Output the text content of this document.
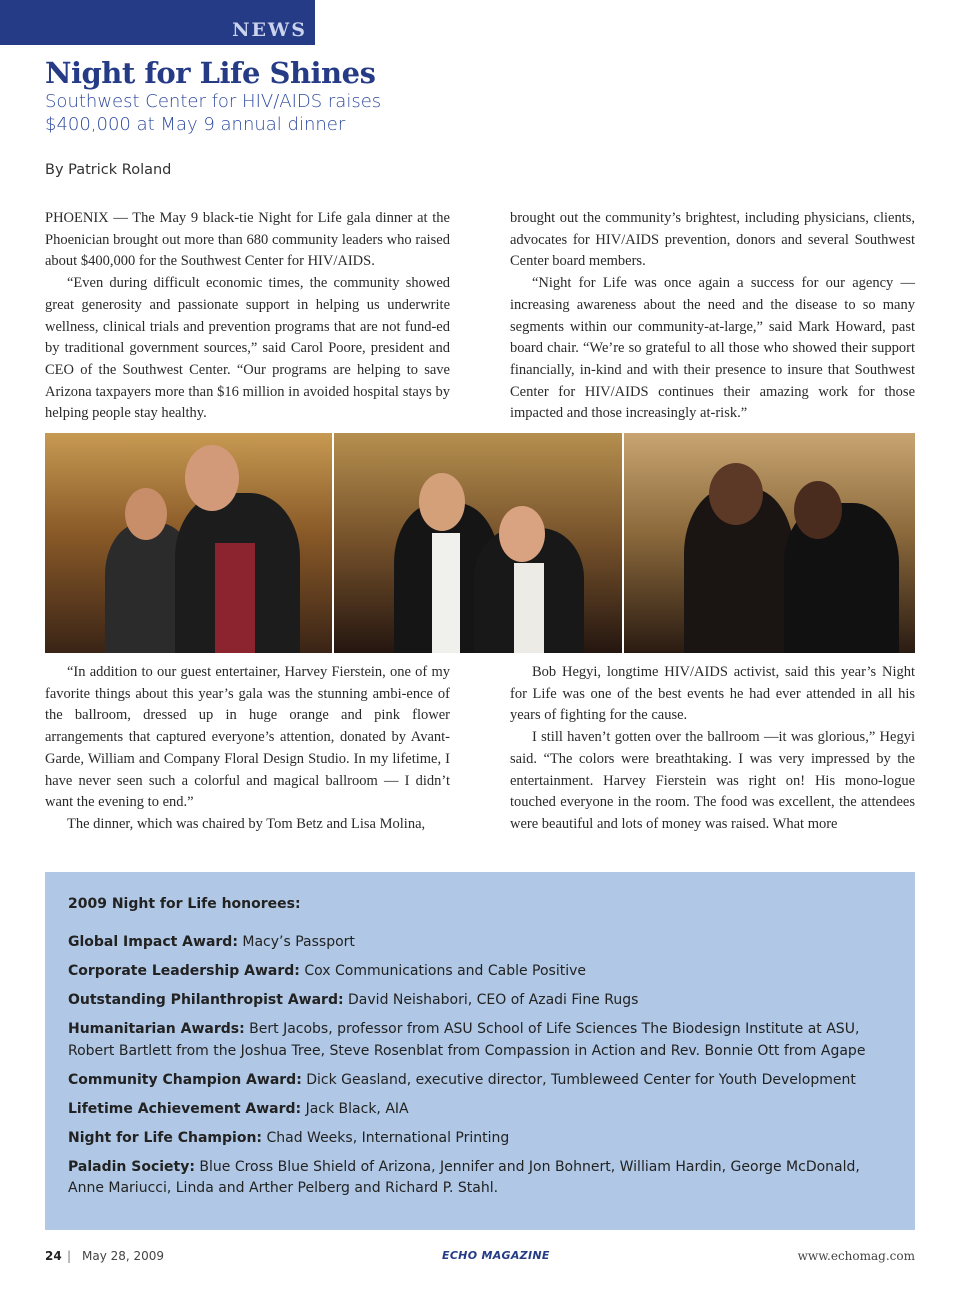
NEWS
Night for Life Shines
Southwest Center for HIV/AIDS raises $400,000 at May 9 annual dinner
By Patrick Roland

PHOENIX — The May 9 black-tie Night for Life gala dinner at the Phoenician brought out more than 680 community leaders who raised about $400,000 for the Southwest Center for HIV/AIDS.

“Even during difficult economic times, the community showed great generosity and passionate support in helping us underwrite wellness, clinical trials and prevention programs that are not fund-ed by traditional government sources,” said Carol Poore, president and CEO of the Southwest Center. “Our programs are helping to save Arizona taxpayers more than $16 million in avoided hospital stays by helping people stay healthy.

brought out the community’s brightest, including physicians, clients, advocates for HIV/AIDS prevention, donors and several Southwest Center board members.

“Night for Life was once again a success for our agency — increasing awareness about the need and the disease to so many segments within our community-at-large,” said Mark Howard, past board chair. “We’re so grateful to all those who showed their support financially, in-kind and with their presence to insure that Southwest Center for HIV/AIDS continues their amazing work for those impacted and those increasingly at-risk.”

“In addition to our guest entertainer, Harvey Fierstein, one of my favorite things about this year’s gala was the stunning ambi-ence of the ballroom, dressed up in huge orange and pink flower arrangements that captured everyone’s attention, donated by Avant-Garde, William and Company Floral Design Studio. In my lifetime, I have never seen such a colorful and magical ballroom — I didn’t want the evening to end.”

The dinner, which was chaired by Tom Betz and Lisa Molina,

Bob Hegyi, longtime HIV/AIDS activist, said this year’s Night for Life was one of the best events he had ever attended in all his years of fighting for the cause.

I still haven’t gotten over the ballroom —it was glorious,” Hegyi said. “The colors were breathtaking. I was very impressed by the entertainment. Harvey Fierstein was right on! His mono-logue touched everyone in the room. The food was excellent, the attendees were beautiful and lots of money was raised. What more

2009 Night for Life honorees:
Global Impact Award: Macy’s Passport
Corporate Leadership Award: Cox Communications and Cable Positive
Outstanding Philanthropist Award: David Neishabori, CEO of Azadi Fine Rugs
Humanitarian Awards: Bert Jacobs, professor from ASU School of Life Sciences The Biodesign Institute at ASU, Robert Bartlett from the Joshua Tree, Steve Rosenblat from Compassion in Action and Rev. Bonnie Ott from Agape
Community Champion Award: Dick Geasland, executive director, Tumbleweed Center for Youth Development
Lifetime Achievement Award: Jack Black, AIA
Night for Life Champion: Chad Weeks, International Printing
Paladin Society: Blue Cross Blue Shield of Arizona, Jennifer and Jon Bohnert, William Hardin, George McDonald, Anne Mariucci, Linda and Arther Pelberg and Richard P. Stahl.
24 | May 28, 2009	ECHO MAGAZINE	www.echomag.com
